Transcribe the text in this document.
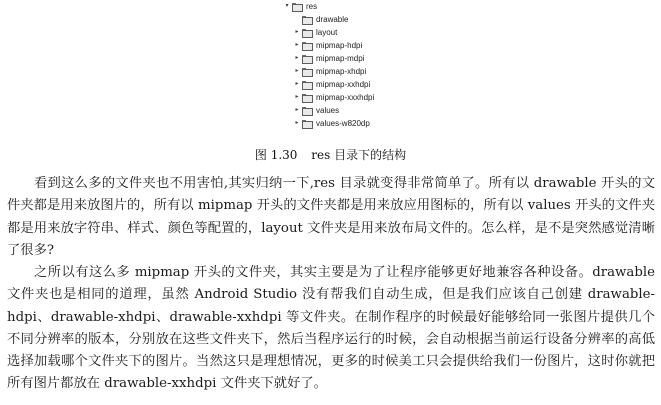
▾	res
drawable
▸	layout
▸	mipmap-hdpi
▸	mipmap-mdpi
▸	mipmap-xhdpi
▸	mipmap-xxhdpi
▸	mipmap-xxxhdpi
▸	values
▸	values-w820dp
图 1.30 res 目录下的结构

看到这么多的文件夹也不用害怕,其实归纳一下,res 目录就变得非常简单了。所有以 drawable 开头的文件夹都是用来放图片的，所有以 mipmap 开头的文件夹都是用来放应用图标的，所有以 values 开头的文件夹都是用来放字符串、样式、颜色等配置的，layout 文件夹是用来放布局文件的。怎么样，是不是突然感觉清晰了很多?

之所以有这么多 mipmap 开头的文件夹，其实主要是为了让程序能够更好地兼容各种设备。drawable 文件夹也是相同的道理，虽然 Android Studio 没有帮我们自动生成，但是我们应该自己创建 drawable-hdpi、drawable-xhdpi、drawable-xxhdpi 等文件夹。在制作程序的时候最好能够给同一张图片提供几个不同分辨率的版本，分别放在这些文件夹下，然后当程序运行的时候，会自动根据当前运行设备分辨率的高低选择加载哪个文件夹下的图片。当然这只是理想情况，更多的时候美工只会提供给我们一份图片，这时你就把所有图片都放在 drawable-xxhdpi 文件夹下就好了。
